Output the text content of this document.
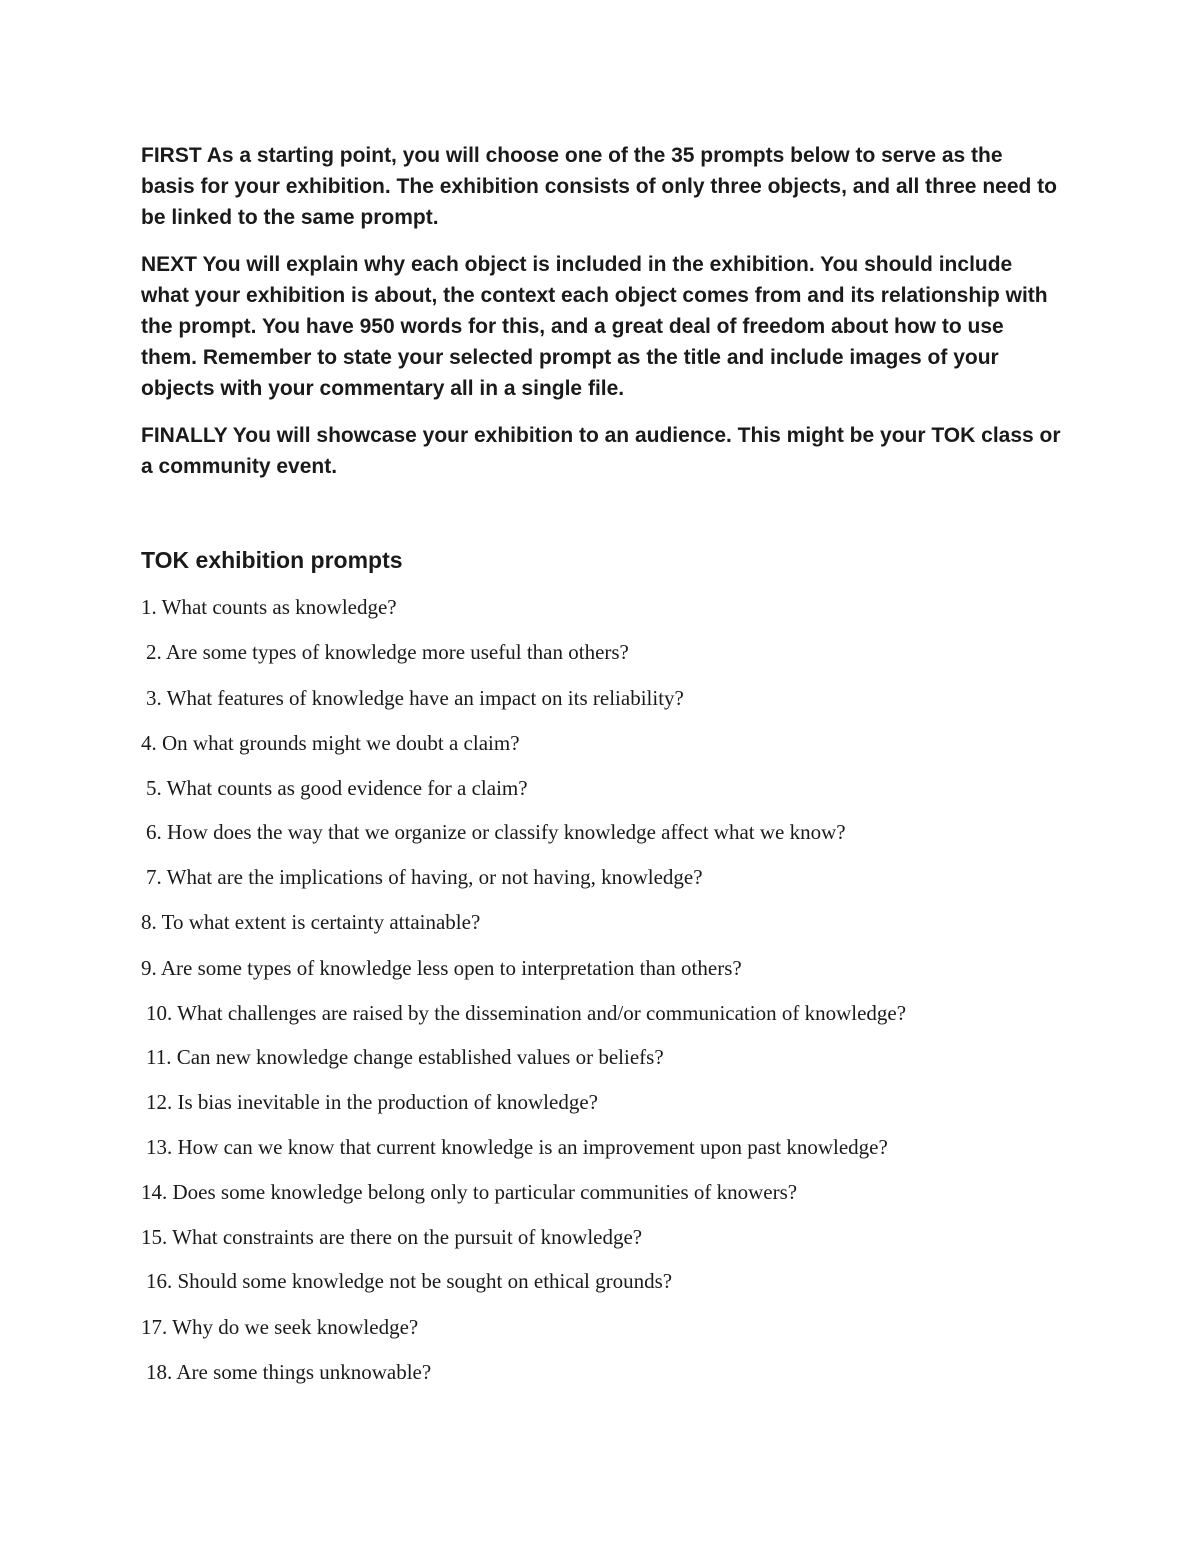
FIRST As a starting point, you will choose one of the 35 prompts below to serve as the basis for your exhibition. The exhibition consists of only three objects, and all three need to be linked to the same prompt.

NEXT You will explain why each object is included in the exhibition. You should include what your exhibition is about, the context each object comes from and its relationship with the prompt. You have 950 words for this, and a great deal of freedom about how to use them. Remember to state your selected prompt as the title and include images of your objects with your commentary all in a single file.

FINALLY You will showcase your exhibition to an audience. This might be your TOK class or a community event.

TOK exhibition prompts
1. What counts as knowledge?
2. Are some types of knowledge more useful than others?
3. What features of knowledge have an impact on its reliability?
4. On what grounds might we doubt a claim?
5. What counts as good evidence for a claim?
6. How does the way that we organize or classify knowledge affect what we know?
7. What are the implications of having, or not having, knowledge?
8. To what extent is certainty attainable?
9. Are some types of knowledge less open to interpretation than others?
10. What challenges are raised by the dissemination and/or communication of knowledge?
11. Can new knowledge change established values or beliefs?
12. Is bias inevitable in the production of knowledge?
13. How can we know that current knowledge is an improvement upon past knowledge?
14. Does some knowledge belong only to particular communities of knowers?
15. What constraints are there on the pursuit of knowledge?
16. Should some knowledge not be sought on ethical grounds?
17. Why do we seek knowledge?
18. Are some things unknowable?
